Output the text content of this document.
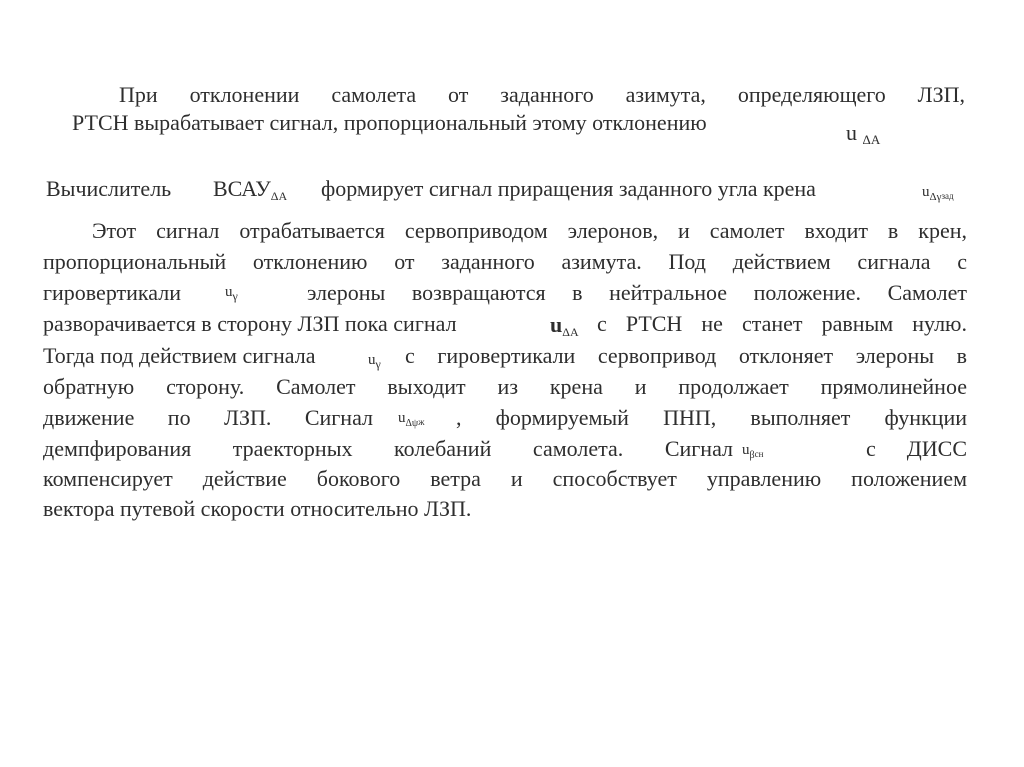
При отклонении самолета от заданного азимута, определяющего ЛЗП,
РТСН вырабатывает сигнал, пропорциональный этому отклонению	u $_{\Delta A}$
Вычислитель $ВСАУ_{\Delta A}$ формирует сигнал приращения заданного угла крена	$u_{\Delta\gamma}зад$
Этот сигнал отрабатывается сервоприводом элеронов, и самолет входит в крен,
пропорциональный отклонению от заданного азимута. Под действием сигнала с
гировертикали	$u_\gamma$	элероны возвращаются в нейтральное положение. Самолет
разворачивается в сторону ЛЗП пока сигнал	$u_{\Delta A}$ с РТСН не станет равным нулю.
Тогда под действием сигнала	$u_\gamma$ с гировертикали сервопривод отклоняет элероны в
обратную сторону. Самолет выходит из крена и продолжает прямолинейное
движение по ЛЗП. Сигнал $u_{\Delta\psi}ж$ , формируемый ПНП, выполняет функции
демпфирования траекторных колебаний самолета. Сигнал $u_\beta сн$	с ДИСС
компенсирует действие бокового ветра и способствует управлению положением
вектора путевой скорости относительно ЛЗП.
